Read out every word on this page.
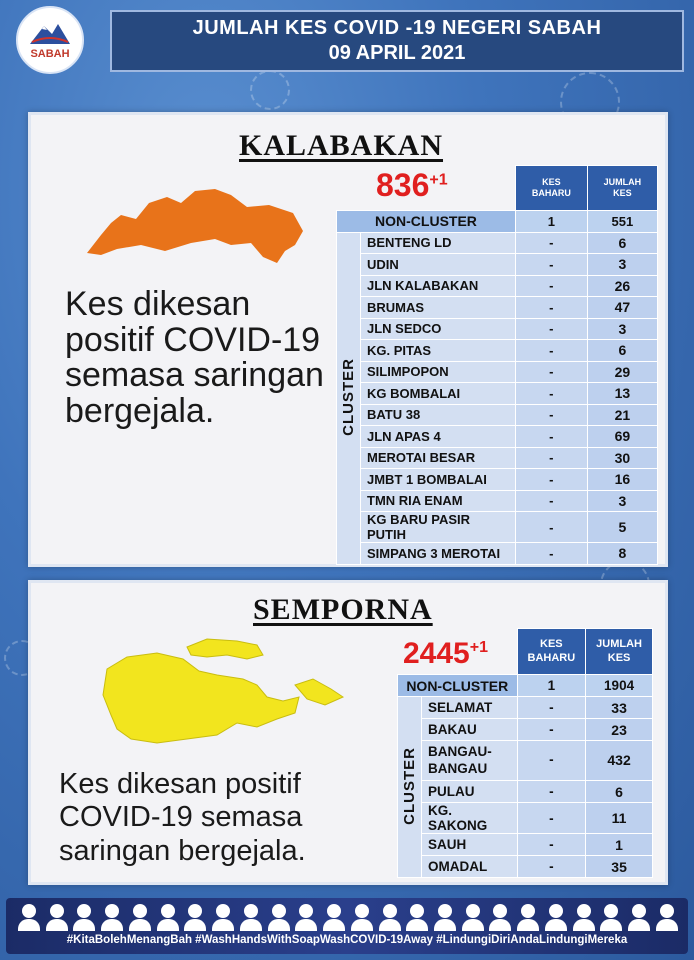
SABAH
JUMLAH KES COVID -19 NEGERI SABAH
09 APRIL 2021
KALABAKAN
$836^{+1}$
Kes dikesan positif COVID-19 semasa saringan bergejala.
		KES BAHARU	JUMLAH KES
NON-CLUSTER		1	551
CLUSTER	BENTENG LD	-	6
	UDIN	-	3
	JLN KALABAKAN	-	26
	BRUMAS	-	47
	JLN SEDCO	-	3
	KG. PITAS	-	6
	SILIMPOPON	-	29
	KG BOMBALAI	-	13
	BATU 38	-	21
	JLN APAS 4	-	69
	MEROTAI BESAR	-	30
	JMBT 1 BOMBALAI	-	16
	TMN RIA ENAM	-	3
	KG BARU PASIR PUTIH	-	5
	SIMPANG 3 MEROTAI	-	8
SEMPORNA
$2445^{+1}$
Kes dikesan positif COVID-19 semasa saringan bergejala.
		KES BAHARU	JUMLAH KES
NON-CLUSTER		1	1904
CLUSTER	SELAMAT	-	33
	BAKAU	-	23
	BANGAU-BANGAU	-	432
	PULAU	-	6
	KG. SAKONG	-	11
	SAUH	-	1
	OMADAL	-	35
#KitaBolehMenangBah #WashHandsWithSoapWashCOVID-19Away #LindungiDiriAndaLindungiMereka
